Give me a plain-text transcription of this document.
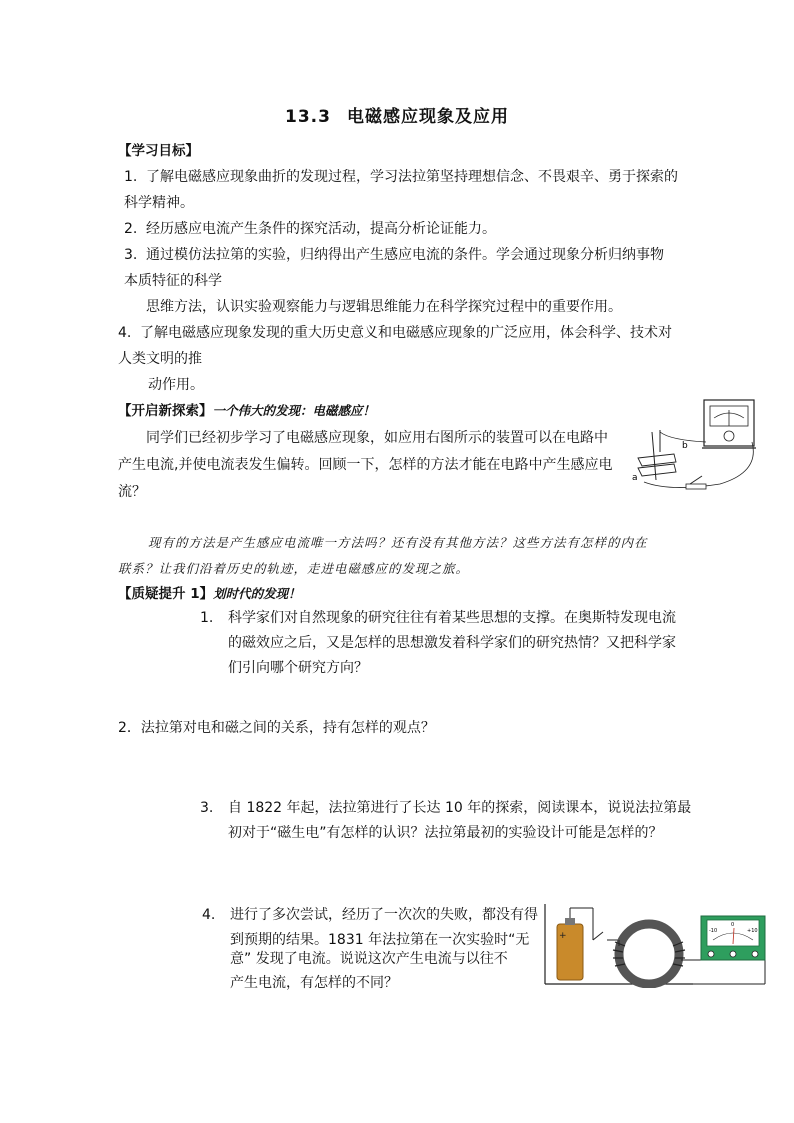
13.3 电磁感应现象及应用
【学习目标】
1. 了解电磁感应现象曲折的发现过程，学习法拉第坚持理想信念、不畏艰辛、勇于探索的
科学精神。
2. 经历感应电流产生条件的探究活动，提高分析论证能力。
3. 通过模仿法拉第的实验，归纳得出产生感应电流的条件。学会通过现象分析归纳事物
本质特征的科学
思维方法，认识实验观察能力与逻辑思维能力在科学探究过程中的重要作用。
4. 了解电磁感应现象发现的重大历史意义和电磁感应现象的广泛应用，体会科学、技术对
人类文明的推
动作用。
【开启新探索】一个伟大的发现：电磁感应！
同学们已经初步学习了电磁感应现象，如应用右图所示的装置可以在电路中
产生电流,并使电流表发生偏转。回顾一下，怎样的方法才能在电路中产生感应电
流？
b
a
现有的方法是产生感应电流唯一方法吗？还有没有其他方法？这些方法有怎样的内在
联系？让我们沿着历史的轨迹，走进电磁感应的发现之旅。
【质疑提升 1】划时代的发现！
1. 科学家们对自然现象的研究往往有着某些思想的支撑。在奥斯特发现电流
的磁效应之后，又是怎样的思想激发着科学家们的研究热情？又把科学家
们引向哪个研究方向？
2．法拉第对电和磁之间的关系，持有怎样的观点？
3. 自 1822 年起，法拉第进行了长达 10 年的探索，阅读课本，说说法拉第最
初对于“磁生电”有怎样的认识？法拉第最初的实验设计可能是怎样的？
4. 进行了多次尝试，经历了一次次的失败，都没有得
到预期的结果。1831 年法拉第在一次实验时“无
意” 发现了电流。说说这次产生电流与以往不
产生电流，有怎样的不同？
+	-10
0
+10
